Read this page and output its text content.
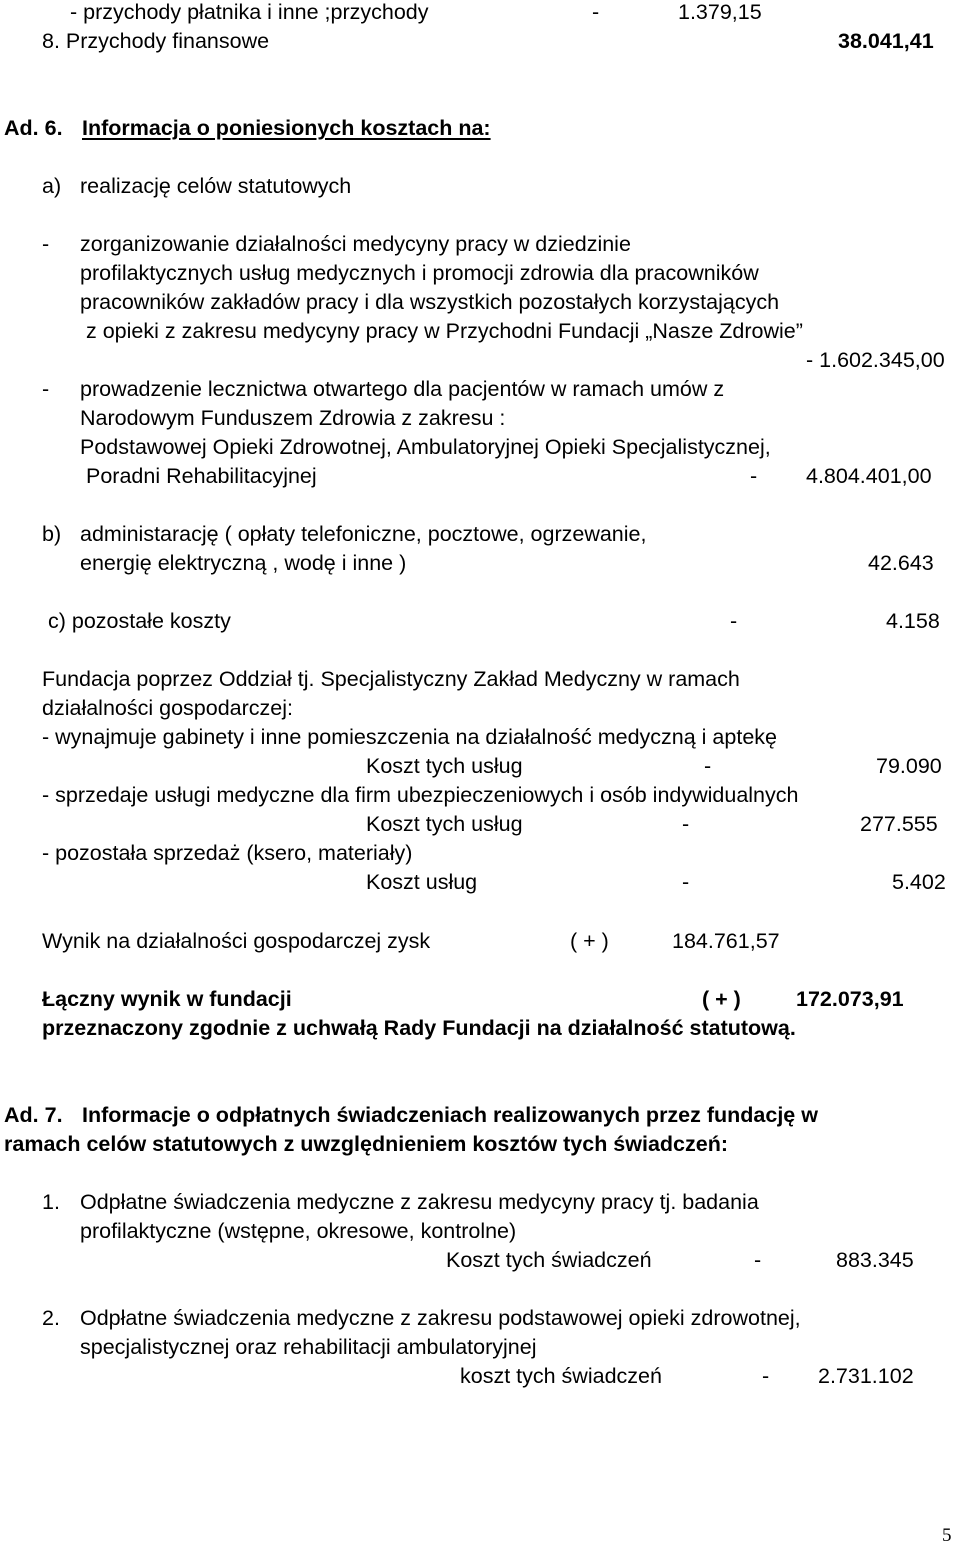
- przychody płatnika i inne ;przychody	-	1.379,15
8. Przychody finansowe	38.041,41
Ad. 6. Informacja o poniesionych kosztach na:
a) realizację celów statutowych
- zorganizowanie działalności medycyny pracy w dziedzinie
profilaktycznych usług medycznych i promocji zdrowia dla pracowników
pracowników zakładów pracy i dla wszystkich pozostałych korzystających
z opieki z zakresu medycyny pracy w Przychodni Fundacji „Nasze Zdrowie”
- 1.602.345,00
- prowadzenie lecznictwa otwartego dla pacjentów w ramach umów z
Narodowym Funduszem Zdrowia z zakresu :
Podstawowej Opieki Zdrowotnej, Ambulatoryjnej Opieki Specjalistycznej,
Poradni Rehabilitacyjnej	- 4.804.401,00
b) administarację ( opłaty telefoniczne, pocztowe, ogrzewanie,
energię elektryczną , wodę i inne )	42.643
c) pozostałe koszty	-	4.158
Fundacja poprzez Oddział tj. Specjalistyczny Zakład Medyczny w ramach
działalności gospodarczej:
- wynajmuje gabinety i inne pomieszczenia na działalność medyczną i aptekę
Koszt tych usług	-	79.090
- sprzedaje usługi medyczne dla firm ubezpieczeniowych i osób indywidualnych
Koszt tych usług	-	277.555
- pozostała sprzedaż (ksero, materiały)
Koszt usług	-	5.402
Wynik na działalności gospodarczej zysk	( + )	184.761,57
Łączny wynik w fundacji	( + )	172.073,91
przeznaczony zgodnie z uchwałą Rady Fundacji na działalność statutową.
Ad. 7. Informacje o odpłatnych świadczeniach realizowanych przez fundację w
ramach celów statutowych z uwzględnieniem kosztów tych świadczeń:
1. Odpłatne świadczenia medyczne z zakresu medycyny pracy tj. badania
profilaktyczne (wstępne, okresowe, kontrolne)
Koszt tych świadczeń	-	883.345
2. Odpłatne świadczenia medyczne z zakresu podstawowej opieki zdrowotnej,
specjalistycznej oraz rehabilitacji ambulatoryjnej
koszt tych świadczeń	- 2.731.102
5
